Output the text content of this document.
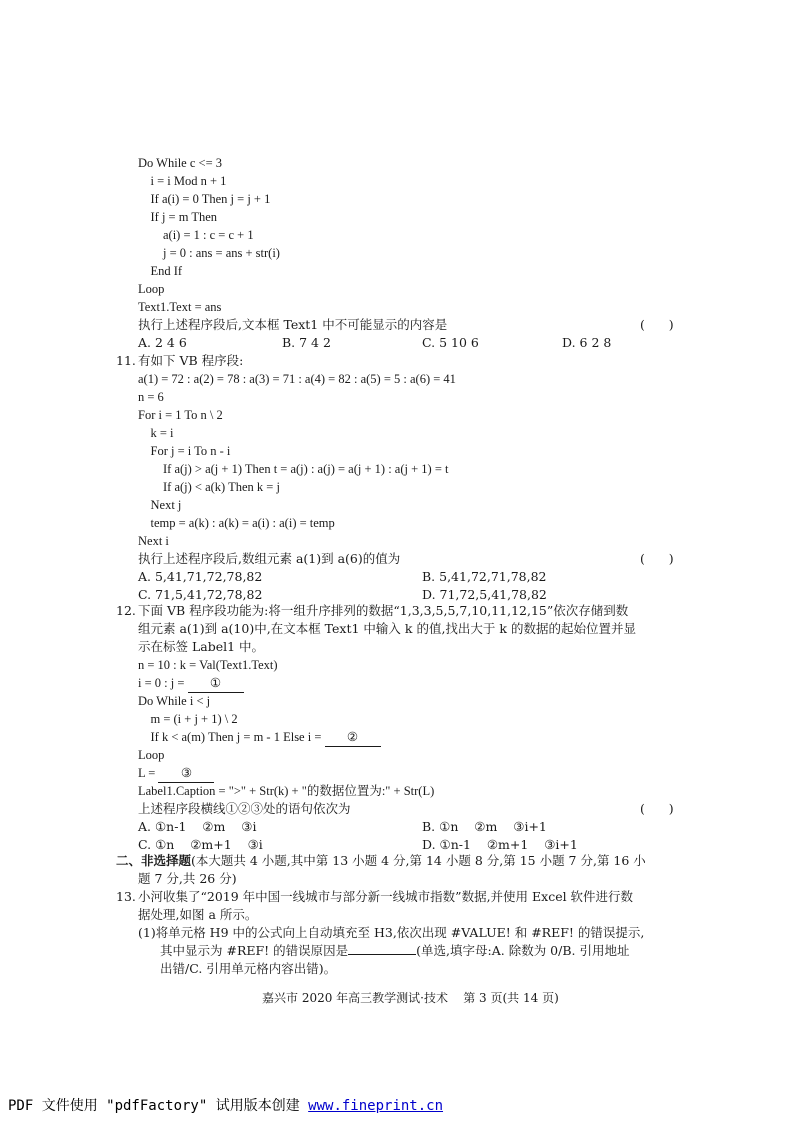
Do While c <= 3
i = i Mod n + 1
If a(i) = 0 Then j = j + 1
If j = m Then
a(i) = 1 : c = c + 1
j = 0 : ans = ans + str(i)
End If
Loop
Text1.Text = ans
执行上述程序段后,文本框 Text1 中不可能显示的内容是	(      )
A. 2 4 6	B. 7 4 2	C. 5 10 6	D. 6 2 8
11. 有如下 VB 程序段:
a(1) = 72 : a(2) = 78 : a(3) = 71 : a(4) = 82 : a(5) = 5 : a(6) = 41
n = 6
For i = 1 To n \ 2
k = i
For j = i To n - i
If a(j) > a(j + 1) Then t = a(j) : a(j) = a(j + 1) : a(j + 1) = t
If a(j) < a(k) Then k = j
Next j
temp = a(k) : a(k) = a(i) : a(i) = temp
Next i
执行上述程序段后,数组元素 a(1)到 a(6)的值为	(      )
A. 5,41,71,72,78,82	B. 5,41,72,71,78,82
C. 71,5,41,72,78,82	D. 71,72,5,41,78,82
12. 下面 VB 程序段功能为:将一组升序排列的数据“1,3,3,5,5,7,10,11,12,15”依次存储到数
组元素 a(1)到 a(10)中,在文本框 Text1 中输入 k 的值,找出大于 k 的数据的起始位置并显
示在标签 Label1 中。
n = 10 : k = Val(Text1.Text)
i = 0 : j = ①
Do While i < j
m = (i + j + 1) \ 2
If k < a(m) Then j = m - 1 Else i = ②
Loop
L = ③
Label1.Caption = ">" + Str(k) + "的数据位置为:" + Str(L)
上述程序段横线①②③处的语句依次为	(      )
A. ①n-1    ②m    ③i	B. ①n    ②m    ③i+1
C. ①n    ②m+1    ③i	D. ①n-1    ②m+1    ③i+1
二、非选择题(本大题共 4 小题,其中第 13 小题 4 分,第 14 小题 8 分,第 15 小题 7 分,第 16 小
题 7 分,共 26 分)
13. 小河收集了“2019 年中国一线城市与部分新一线城市指数”数据,并使用 Excel 软件进行数
据处理,如图 a 所示。
(1)将单元格 H9 中的公式向上自动填充至 H3,依次出现 #VALUE! 和 #REF! 的错误提示,
其中显示为 #REF! 的错误原因是	(单选,填字母:A. 除数为 0/B. 引用地址
出错/C. 引用单元格内容出错)。
嘉兴市 2020 年高三教学测试·技术    第 3 页(共 14 页)
PDF 文件使用 "pdfFactory" 试用版本创建 www.fineprint.cn
